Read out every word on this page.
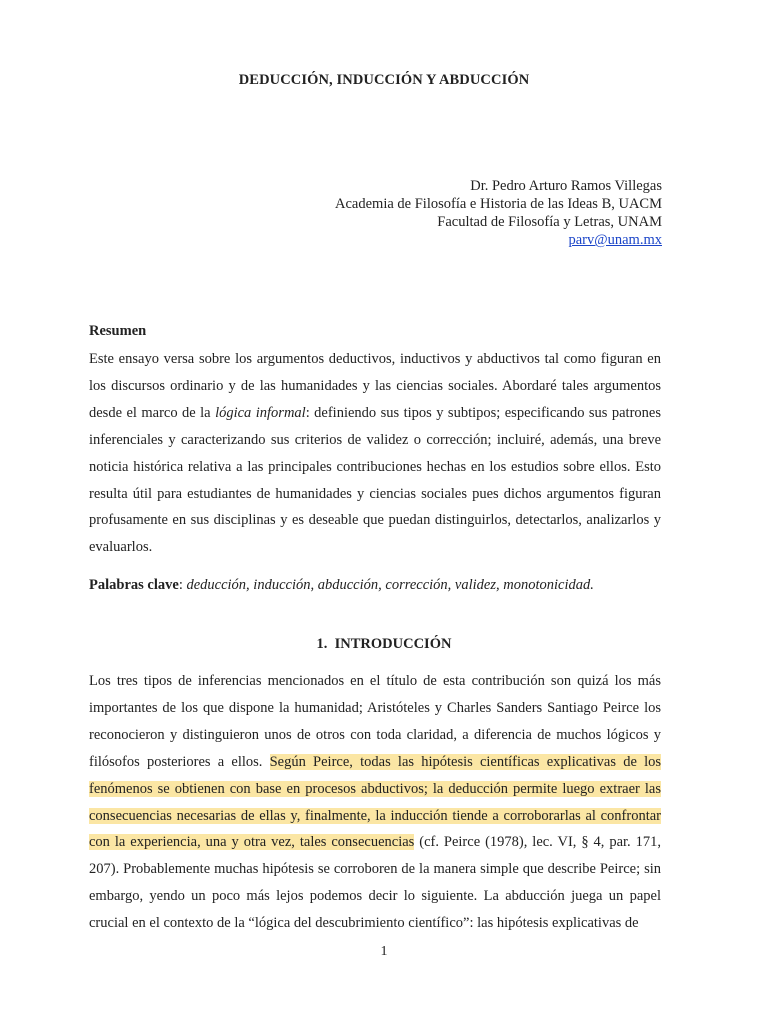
DEDUCCIÓN, INDUCCIÓN Y ABDUCCIÓN
Dr. Pedro Arturo Ramos Villegas
Academia de Filosofía e Historia de las Ideas B, UACM
Facultad de Filosofía y Letras, UNAM
parv@unam.mx
Resumen

Este ensayo versa sobre los argumentos deductivos, inductivos y abductivos tal como figuran en los discursos ordinario y de las humanidades y las ciencias sociales. Abordaré tales argumentos desde el marco de la lógica informal: definiendo sus tipos y subtipos; especificando sus patrones inferenciales y caracterizando sus criterios de validez o corrección; incluiré, además, una breve noticia histórica relativa a las principales contribuciones hechas en los estudios sobre ellos. Esto resulta útil para estudiantes de humanidades y ciencias sociales pues dichos argumentos figuran profusamente en sus disciplinas y es deseable que puedan distinguirlos, detectarlos, analizarlos y evaluarlos.

Palabras clave: deducción, inducción, abducción, corrección, validez, monotonicidad.
1.  INTRODUCCIÓN

Los tres tipos de inferencias mencionados en el título de esta contribución son quizá los más importantes de los que dispone la humanidad; Aristóteles y Charles Sanders Santiago Peirce los reconocieron y distinguieron unos de otros con toda claridad, a diferencia de muchos lógicos y filósofos posteriores a ellos. Según Peirce, todas las hipótesis científicas explicativas de los fenómenos se obtienen con base en procesos abductivos; la deducción permite luego extraer las consecuencias necesarias de ellas y, finalmente, la inducción tiende a corroborarlas al confrontar con la experiencia, una y otra vez, tales consecuencias (cf. Peirce (1978), lec. VI, § 4, par. 171, 207). Probablemente muchas hipótesis se corroboren de la manera simple que describe Peirce; sin embargo, yendo un poco más lejos podemos decir lo siguiente. La abducción juega un papel crucial en el contexto de la “lógica del descubrimiento científico”: las hipótesis explicativas de

1
